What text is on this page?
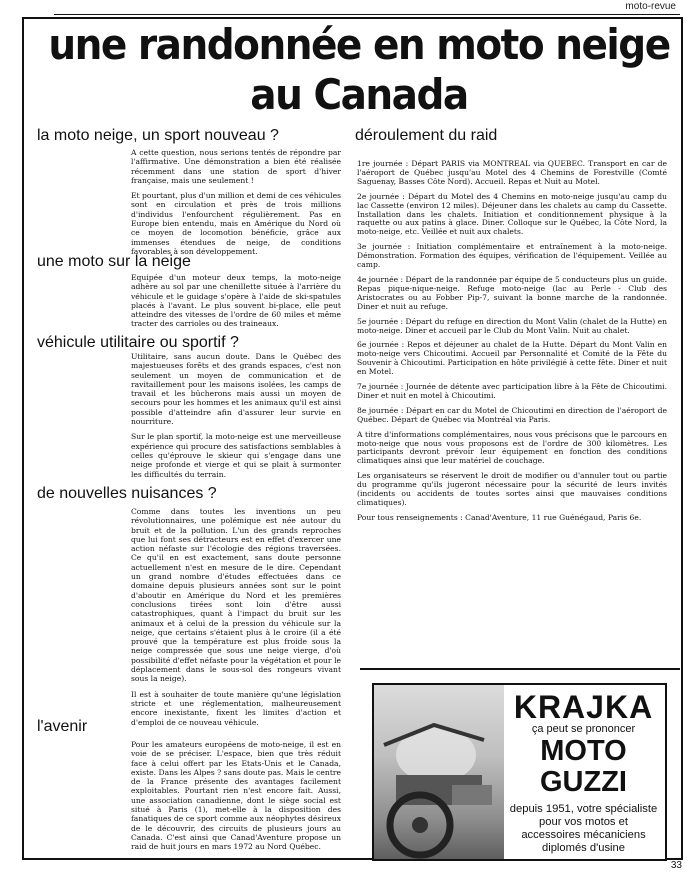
moto-revue
une randonnée en moto neige
au Canada
la moto neige, un sport nouveau ?

A cette question, nous serions tentés de répondre par l'affirmative. Une démonstration a bien été réalisée récemment dans une station de sport d'hiver française, mais une seulement !

Et pourtant, plus d'un million et demi de ces véhicules sont en circulation et près de trois millions d'individus l'enfourchent régulièrement. Pas en Europe bien entendu, mais en Amérique du Nord où ce moyen de locomotion bénéficie, grâce aux immenses étendues de neige, de conditions favorables à son développement.

une moto sur la neige

Equipée d'un moteur deux temps, la moto-neige adhère au sol par une chenillette située à l'arrière du véhicule et le guidage s'opère à l'aide de ski-spatules placés à l'avant. Le plus souvent bi-place, elle peut atteindre des vitesses de l'ordre de 60 miles et même tracter des carrioles ou des traineaux.

véhicule utilitaire ou sportif ?

Utilitaire, sans aucun doute. Dans le Québec des majestueuses forêts et des grands espaces, c'est non seulement un moyen de communication et de ravitaillement pour les maisons isolées, les camps de travail et les bûcherons mais aussi un moyen de secours pour les hommes et les animaux qu'il est ainsi possible d'atteindre afin d'assurer leur survie en nourriture.

Sur le plan sportif, la moto-neige est une merveilleuse expérience qui procure des satisfactions semblables à celles qu'éprouve le skieur qui s'engage dans une neige profonde et vierge et qui se plait à surmonter les difficultés du terrain.

de nouvelles nuisances ?

Comme dans toutes les inventions un peu révolutionnaires, une polémique est née autour du bruit et de la pollution. L'un des grands reproches que lui font ses détracteurs est en effet d'exercer une action néfaste sur l'écologie des régions traversées. Ce qu'il en est exactement, sans doute personne actuellement n'est en mesure de le dire. Cependant un grand nombre d'études effectuées dans ce domaine depuis plusieurs années sont sur le point d'aboutir en Amérique du Nord et les premières conclusions tirées sont loin d'être aussi catastrophiques, quant à l'impact du bruit sur les animaux et à celui de la pression du véhicule sur la neige, que certains s'étaient plus à le croire (il a été prouvé que la température est plus froide sous la neige compressée que sous une neige vierge, d'où possibilité d'effet néfaste pour la végétation et pour le déplacement dans le sous-sol des rongeurs vivant sous la neige).

Il est à souhaiter de toute manière qu'une législation stricte et une réglementation, malheureusement encore inexistante, fixent les limites d'action et d'emploi de ce nouveau véhicule.

l'avenir

Pour les amateurs européens de moto-neige, il est en voie de se préciser. L'espace, bien que très réduit face à celui offert par les Etats-Unis et le Canada, existe. Dans les Alpes ? sans doute pas. Mais le centre de la France présente des avantages facilement exploitables. Pourtant rien n'est encore fait. Aussi, une association canadienne, dont le siège social est situé à Paris (1), met-elle à la disposition des fanatiques de ce sport comme aux néophytes désireux de le découvrir, des circuits de plusieurs jours au Canada. C'est ainsi que Canad'Aventure propose un raid de huit jours en mars 1972 au Nord Québec.

déroulement du raid

1re journée : Départ PARIS via MONTREAL via QUEBEC. Transport en car de l'aéroport de Québec jusqu'au Motel des 4 Chemins de Forestville (Comté Saguenay, Basses Côte Nord). Accueil. Repas et Nuit au Motel.

2e journée : Départ du Motel des 4 Chemins en moto-neige jusqu'au camp du lac Cassette (environ 12 miles). Déjeuner dans les chalets au camp du Cassette. Installation dans les chalets. Initiation et conditionnement physique à la raquette ou aux patins à glace. Diner. Colloque sur le Québec, la Côte Nord, la moto-neige, etc. Veillée et nuit aux chalets.

3e journée : Initiation complémentaire et entraînement à la moto-neige. Démonstration. Formation des équipes, vérification de l'équipement. Veillée au camp.

4e journée : Départ de la randonnée par équipe de 5 conducteurs plus un guide. Repas pique-nique-neige. Refuge moto-neige (lac au Perle - Club des Aristocrates ou au Fobber Pip-7, suivant la bonne marche de la randonnée. Diner et nuit au refuge.

5e journée : Départ du refuge en direction du Mont Valin (chalet de la Hutte) en moto-neige. Diner et accueil par le Club du Mont Valin. Nuit au chalet.

6e journée : Repos et déjeuner au chalet de la Hutte. Départ du Mont Valin en moto-neige vers Chicoutimi. Accueil par Personnalité et Comité de la Fête du Souvenir à Chicoutimi. Participation en hôte privilégié à cette fête. Diner et nuit en Motel.

7e journée : Journée de détente avec participation libre à la Fête de Chicoutimi. Diner et nuit en motel à Chicoutimi.

8e journée : Départ en car du Motel de Chicoutimi en direction de l'aéroport de Québec. Départ de Québec via Montréal via Paris.

A titre d'informations complémentaires, nous vous précisons que le parcours en moto-neige que nous vous proposons est de l'ordre de 300 kilomètres. Les participants devront prévoir leur équipement en fonction des conditions climatiques ainsi que leur matériel de couchage.

Les organisateurs se réservent le droit de modifier ou d'annuler tout ou partie du programme qu'ils jugeront nécessaire pour la sécurité de leurs invités (incidents ou accidents de toutes sortes ainsi que mauvaises conditions climatiques).

Pour tous renseignements : Canad'Aventure, 11 rue Guénégaud, Paris 6e.

KRAJKA
ça peut se prononcer
MOTO
GUZZI
depuis 1951, votre spécialiste pour vos motos et accessoires mécaniciens diplomés d'usine
33
